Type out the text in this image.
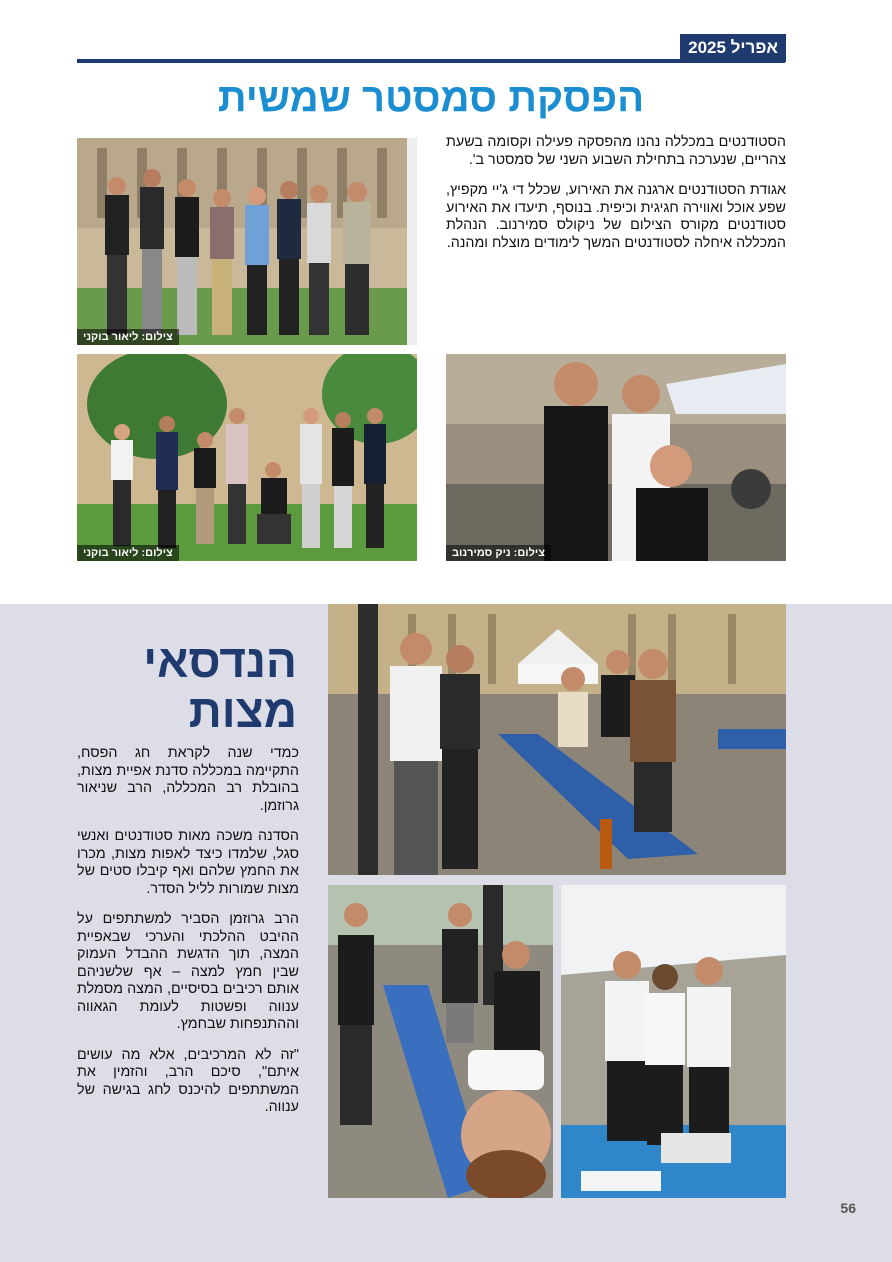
אפריל 2025
הפסקת סמסטר שמשית

הסטודנטים במכללה נהנו מהפסקה פעילה וקסומה בשעת צהריים, שנערכה בתחילת השבוע השני של סמסטר ב'.

אגודת הסטודנטים ארגנה את האירוע, שכלל די ג'יי מקפיץ, שפע אוכל ואווירה חגיגית וכיפית. בנוסף, תיעדו את האירוע סטודנטים מקורס הצילום של ניקולס סמירנוב. הנהלת המכללה איחלה לסטודנטים המשך לימודים מוצלח ומהנה.

צילום: ליאור בוקני
צילום: ליאור בוקני	צילום: ניק סמירנוב
הנדסאי
מצות

כמדי שנה לקראת חג הפסח, התקיימה במכללה סדנת אפיית מצות, בהובלת רב המכללה, הרב שניאור גרוזמן.

הסדנה משכה מאות סטודנטים ואנשי סגל, שלמדו כיצד לאפות מצות, מכרו את החמץ שלהם ואף קיבלו סטים של מצות שמורות לליל הסדר.

הרב גרוזמן הסביר למשתתפים על ההיבט ההלכתי והערכי שבאפיית המצה, תוך הדגשת ההבדל העמוק שבין חמץ למצה – אף שלשניהם אותם רכיבים בסיסיים, המצה מסמלת ענווה ופשטות לעומת הגאווה וההתנפחות שבחמץ.

"זה לא המרכיבים, אלא מה עושים איתם", סיכם הרב, והזמין את המשתתפים להיכנס לחג בגישה של ענווה.

56
